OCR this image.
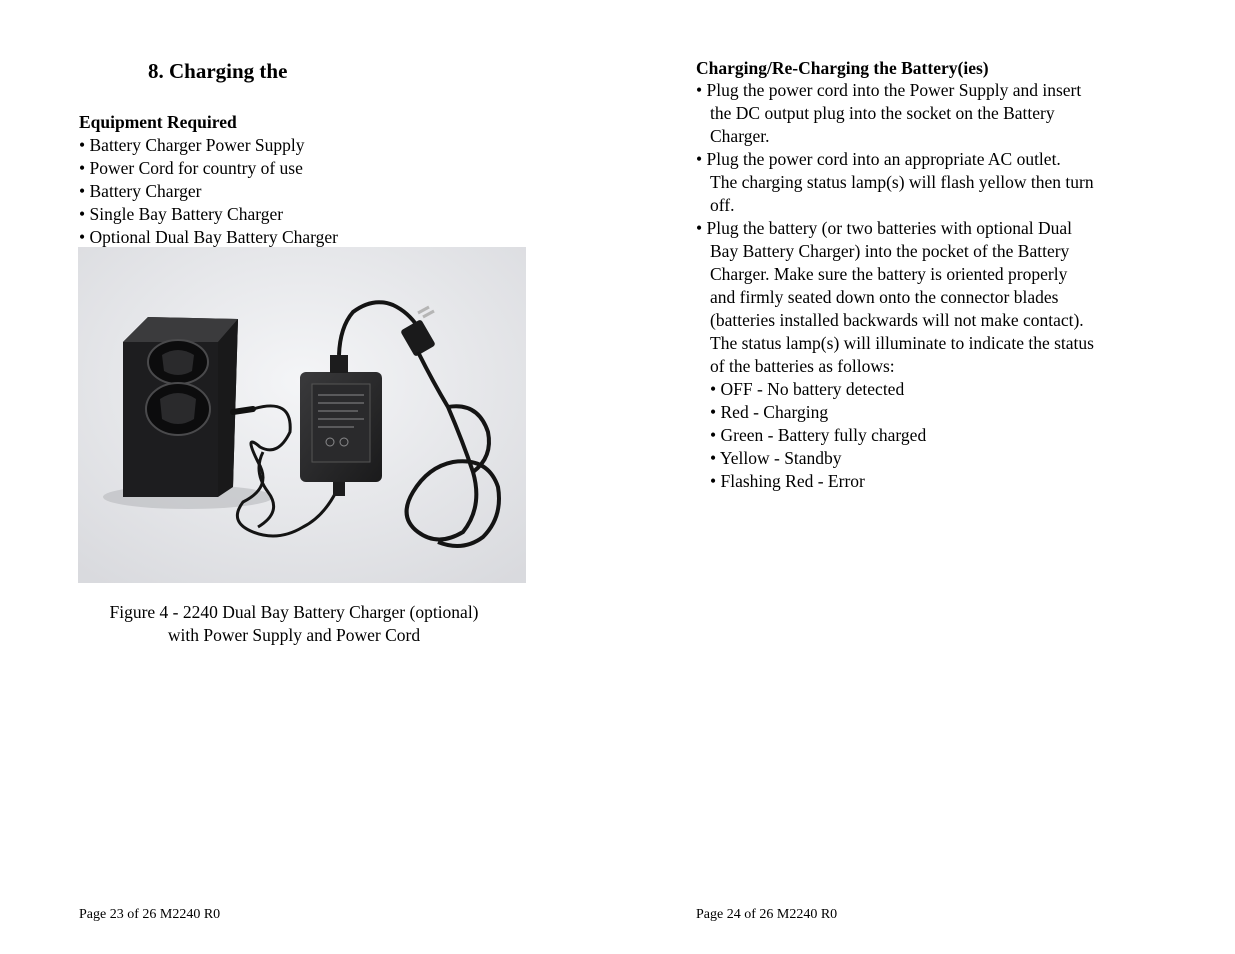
8. Charging the
Equipment Required
• Battery Charger Power Supply
• Power Cord for country of use
• Battery Charger
• Single Bay Battery Charger
• Optional Dual Bay Battery Charger
Figure 4 - 2240 Dual Bay Battery Charger (optional)
with Power Supply and Power Cord
Page 23 of 26 M2240 R0
Charging/Re-Charging the Battery(ies)
• Plug the power cord into the Power Supply and insert
the DC output plug into the socket on the Battery
Charger.
• Plug the power cord into an appropriate AC outlet.
The charging status lamp(s) will flash yellow then turn
off.
• Plug the battery (or two batteries with optional Dual
Bay Battery Charger) into the pocket of the Battery
Charger. Make sure the battery is oriented properly
and firmly seated down onto the connector blades
(batteries installed backwards will not make contact).
The status lamp(s) will illuminate to indicate the status
of the batteries as follows:
• OFF - No battery detected
• Red - Charging
• Green - Battery fully charged
• Yellow - Standby
• Flashing Red - Error
Page 24 of 26 M2240 R0
